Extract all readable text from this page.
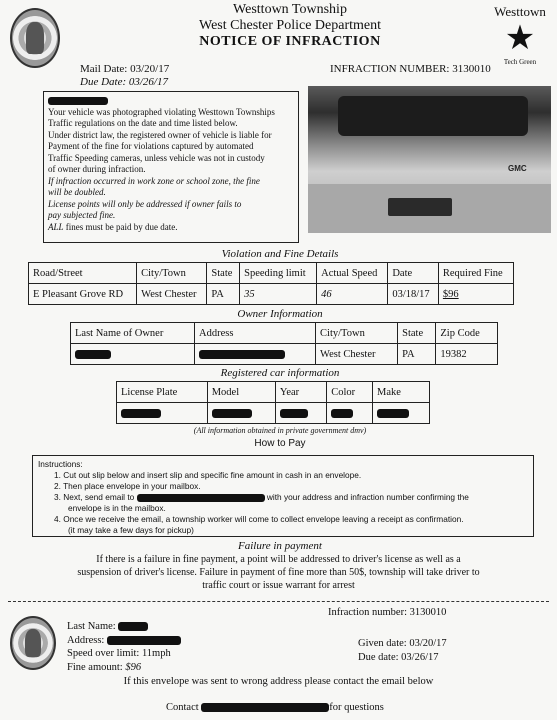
Westtown Township
West Chester Police Department
NOTICE OF INFRACTION
Westtown
★
Tech Green
Mail Date: 03/20/17
Due Date: 03/26/17
INFRACTION NUMBER: 3130010
Your vehicle was photographed violating Westtown Townships
Traffic regulations on the date and time listed below.
Under district law, the registered owner of vehicle is liable for
Payment of the fine for violations captured by automated
Traffic Speeding cameras, unless vehicle was not in custody
of owner during infraction.
If infraction occurred in work zone or school zone, the fine
will be doubled.
License points will only be addressed if owner fails to
pay subjected fine.
ALL fines must be paid by due date.
GMC
Violation and Fine Details
Road/Street	City/Town	State	Speeding limit	Actual Speed	Date	Required Fine
E Pleasant Grove RD	West Chester	PA	35	46	03/18/17	$96
Owner Information
Last Name of Owner	Address	City/Town	State	Zip Code
		West Chester	PA	19382
Registered car information
License Plate	Model	Year	Color	Make

(All information obtained in private government dmv)
How to Pay
Instructions:
1. Cut out slip below and insert slip and specific fine amount in cash in an envelope.
2. Then place envelope in your mailbox.
3. Next, send email to	with your address and infraction number confirming the
envelope is in the mailbox.
4. Once we receive the email, a township worker will come to collect envelope leaving a receipt as confirmation.
(it may take a few days for pickup)
Failure in payment
If there is a failure in fine payment, a point will be addressed to driver's license as well as a
suspension of driver's license. Failure in payment of fine more than 50$, township will take driver to
traffic court or issue warrant for arrest
Infraction number: 3130010
Last Name:
Address:
Speed over limit: 11mph
Fine amount: $96
Given date: 03/20/17
Due date: 03/26/17
If this envelope was sent to wrong address please contact the email below
Contact	for questions
